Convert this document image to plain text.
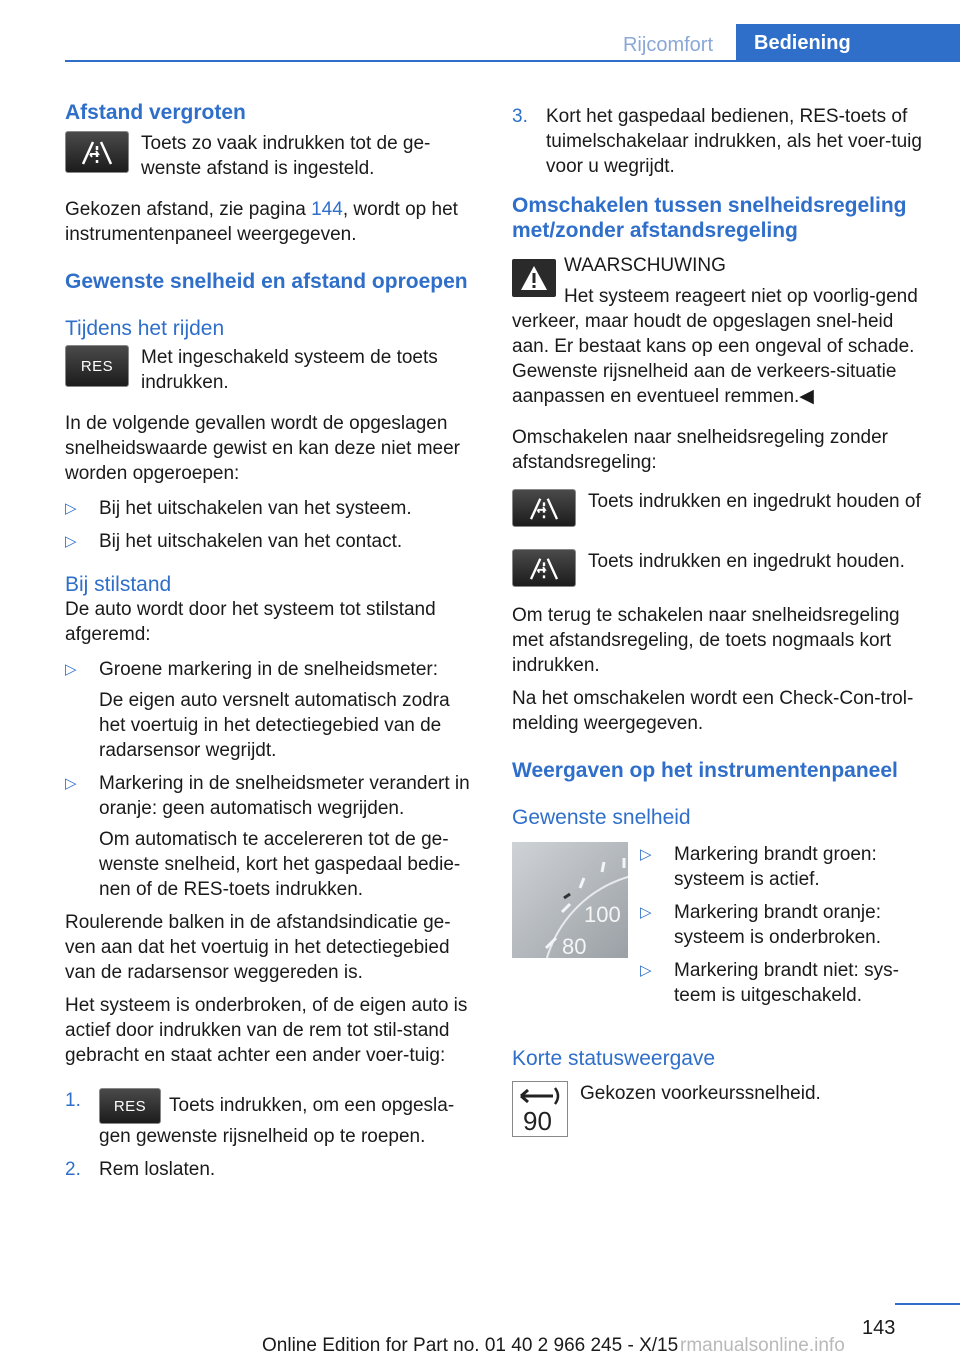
Rijcomfort	Bediening
Afstand vergroten
Toets zo vaak indrukken tot de ge-wenste afstand is ingesteld.

Gekozen afstand, zie pagina 144, wordt op het instrumentenpaneel weergegeven.

Gewenste snelheid en afstand oproepen
Tijdens het rijden
RES	Met ingeschakeld systeem de toets indrukken.

In de volgende gevallen wordt de opgeslagen snelheidswaarde gewist en kan deze niet meer worden opgeroepen:

▷ Bij het uitschakelen van het systeem.
▷ Bij het uitschakelen van het contact.
Bij stilstand

De auto wordt door het systeem tot stilstand afgeremd:

▷ Groene markering in de snelheidsmeter:
De eigen auto versnelt automatisch zodra het voertuig in het detectiegebied van de radarsensor wegrijdt.
▷ Markering in de snelheidsmeter verandert in oranje: geen automatisch wegrijden.
Om automatisch te accelereren tot de ge-wenste snelheid, kort het gaspedaal bedie-nen of de RES-toets indrukken.

Roulerende balken in de afstandsindicatie ge-ven aan dat het voertuig in het detectiegebied van de radarsensor weggereden is.

Het systeem is onderbroken, of de eigen auto is actief door indrukken van de rem tot stil-stand gebracht en staat achter een ander voer-tuig:

1. RES Toets indrukken, om een opgesla-gen gewenste rijsnelheid op te roepen.
2. Rem loslaten.
3. Kort het gaspedaal bedienen, RES-toets of tuimelschakelaar indrukken, als het voer-tuig voor u wegrijdt.
Omschakelen tussen snelheidsregeling met/zonder afstandsregeling
WAARSCHUWING
Het systeem reageert niet op voorlig-gend verkeer, maar houdt de opgeslagen snel-heid aan. Er bestaat kans op een ongeval of schade. Gewenste rijsnelheid aan de verkeers-situatie aanpassen en eventueel remmen.◀

Omschakelen naar snelheidsregeling zonder afstandsregeling:

Toets indrukken en ingedrukt houden of
Toets indrukken en ingedrukt houden.

Om terug te schakelen naar snelheidsregeling met afstandsregeling, de toets nogmaals kort indrukken.

Na het omschakelen wordt een Check-Con-trol-melding weergegeven.

Weergaven op het instrumentenpaneel
Gewenste snelheid
100
80
▷ Markering brandt groen: systeem is actief.
▷ Markering brandt oranje: systeem is onderbroken.
▷ Markering brandt niet: sys-teem is uitgeschakeld.
Korte statusweergave
90
Gekozen voorkeurssnelheid.
143
Online Edition for Part no. 01 40 2 966 245 - X/15 rmanualsonline.info
